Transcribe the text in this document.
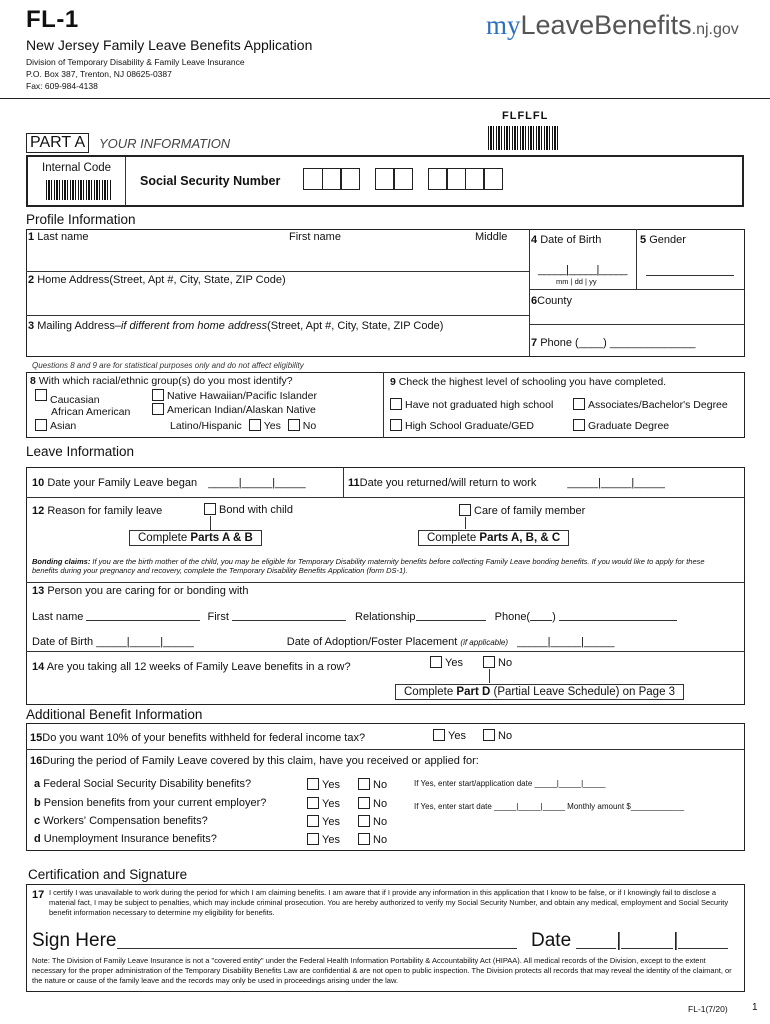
FL-1
New Jersey Family Leave Benefits Application
Division of Temporary Disability & Family Leave Insurance
P.O. Box 387, Trenton, NJ 08625-0387
Fax: 609-984-4138
myLeaveBenefits.nj.gov
FLFLFL
PART A	YOUR INFORMATION
Internal Code
Social Security Number

Profile Information
1 Last name	First name	Middle 4 Date of Birth
_____|_____|_____
mm | dd | yy
5 Gender
2 Home Address(Street, Apt #, City, State, ZIP Code)
6County
3 Mailing Address–if different from home address(Street, Apt #, City, State, ZIP Code)
7 Phone (____) ______________
Questions 8 and 9 are for statistical purposes only and do not affect eligibility
8 With which racial/ethnic group(s) do you most identify?
Caucasian
African American
Asian
Native Hawaiian/Pacific Islander
American Indian/Alaskan Native
Latino/Hispanic Yes No
9 Check the highest level of schooling you have completed.
Have not graduated high school	Associates/Bachelor's Degree
High School Graduate/GED	Graduate Degree
Leave Information
10 Date your Family Leave began _____|_____|_____	11Date you returned/will return to work	_____|_____|_____
12 Reason for family leave	Bond with child	Care of family member
Complete Parts A & B	Complete Parts A, B, & C
Bonding claims: If you are the birth mother of the child, you may be eligible for Temporary Disability maternity benefits before collecting Family Leave bonding benefits. If you would like to apply for these benefits during your pregnancy and recovery, complete the Temporary Disability Benefits Application (form DS-1).
13 Person you are caring for or bonding with
Last name	First	Relationship	Phone( )
Date of Birth _____|_____|_____	Date of Adoption/Foster Placement (if applicable) _____|_____|_____
14 Are you taking all 12 weeks of Family Leave benefits in a row?	Yes	No
Complete Part D (Partial Leave Schedule) on Page 3
Additional Benefit Information
15Do you want 10% of your benefits withheld for federal income tax?	Yes	No
16During the period of Family Leave covered by this claim, have you received or applied for:
a Federal Social Security Disability benefits?	Yes	No	If Yes, enter start/application date _____|_____|_____
b Pension benefits from your current employer?	Yes	No	If Yes, enter start date _____|_____|_____ Monthly amount $____________
c Workers' Compensation benefits?	Yes	No
d Unemployment Insurance benefits?	Yes	No
Certification and Signature
17 I certify I was unavailable to work during the period for which I am claiming benefits. I am aware that if I provide any information in this application that I know to be false, or if I knowingly fail to disclose a material fact, I may be subject to penalties, which may include criminal prosecution. You are hereby authorized to verify my Social Security Number, and obtain any medical, employment and Social Security benefit information necessary to determine my eligibility for benefits.
Sign Here	Date |	|
Note: The Division of Family Leave Insurance is not a "covered entity" under the Federal Health Information Portability & Accountability Act (HIPAA). All medical records of the Division, except to the extent necessary for the proper administration of the Temporary Disability Benefits Law are confidential & are not open to public inspection. The Division protects all records that may reveal the identity of the claimant, or the nature or cause of the family leave and the records may only be used in proceedings arising under the law.
FL-1(7/20) 1
